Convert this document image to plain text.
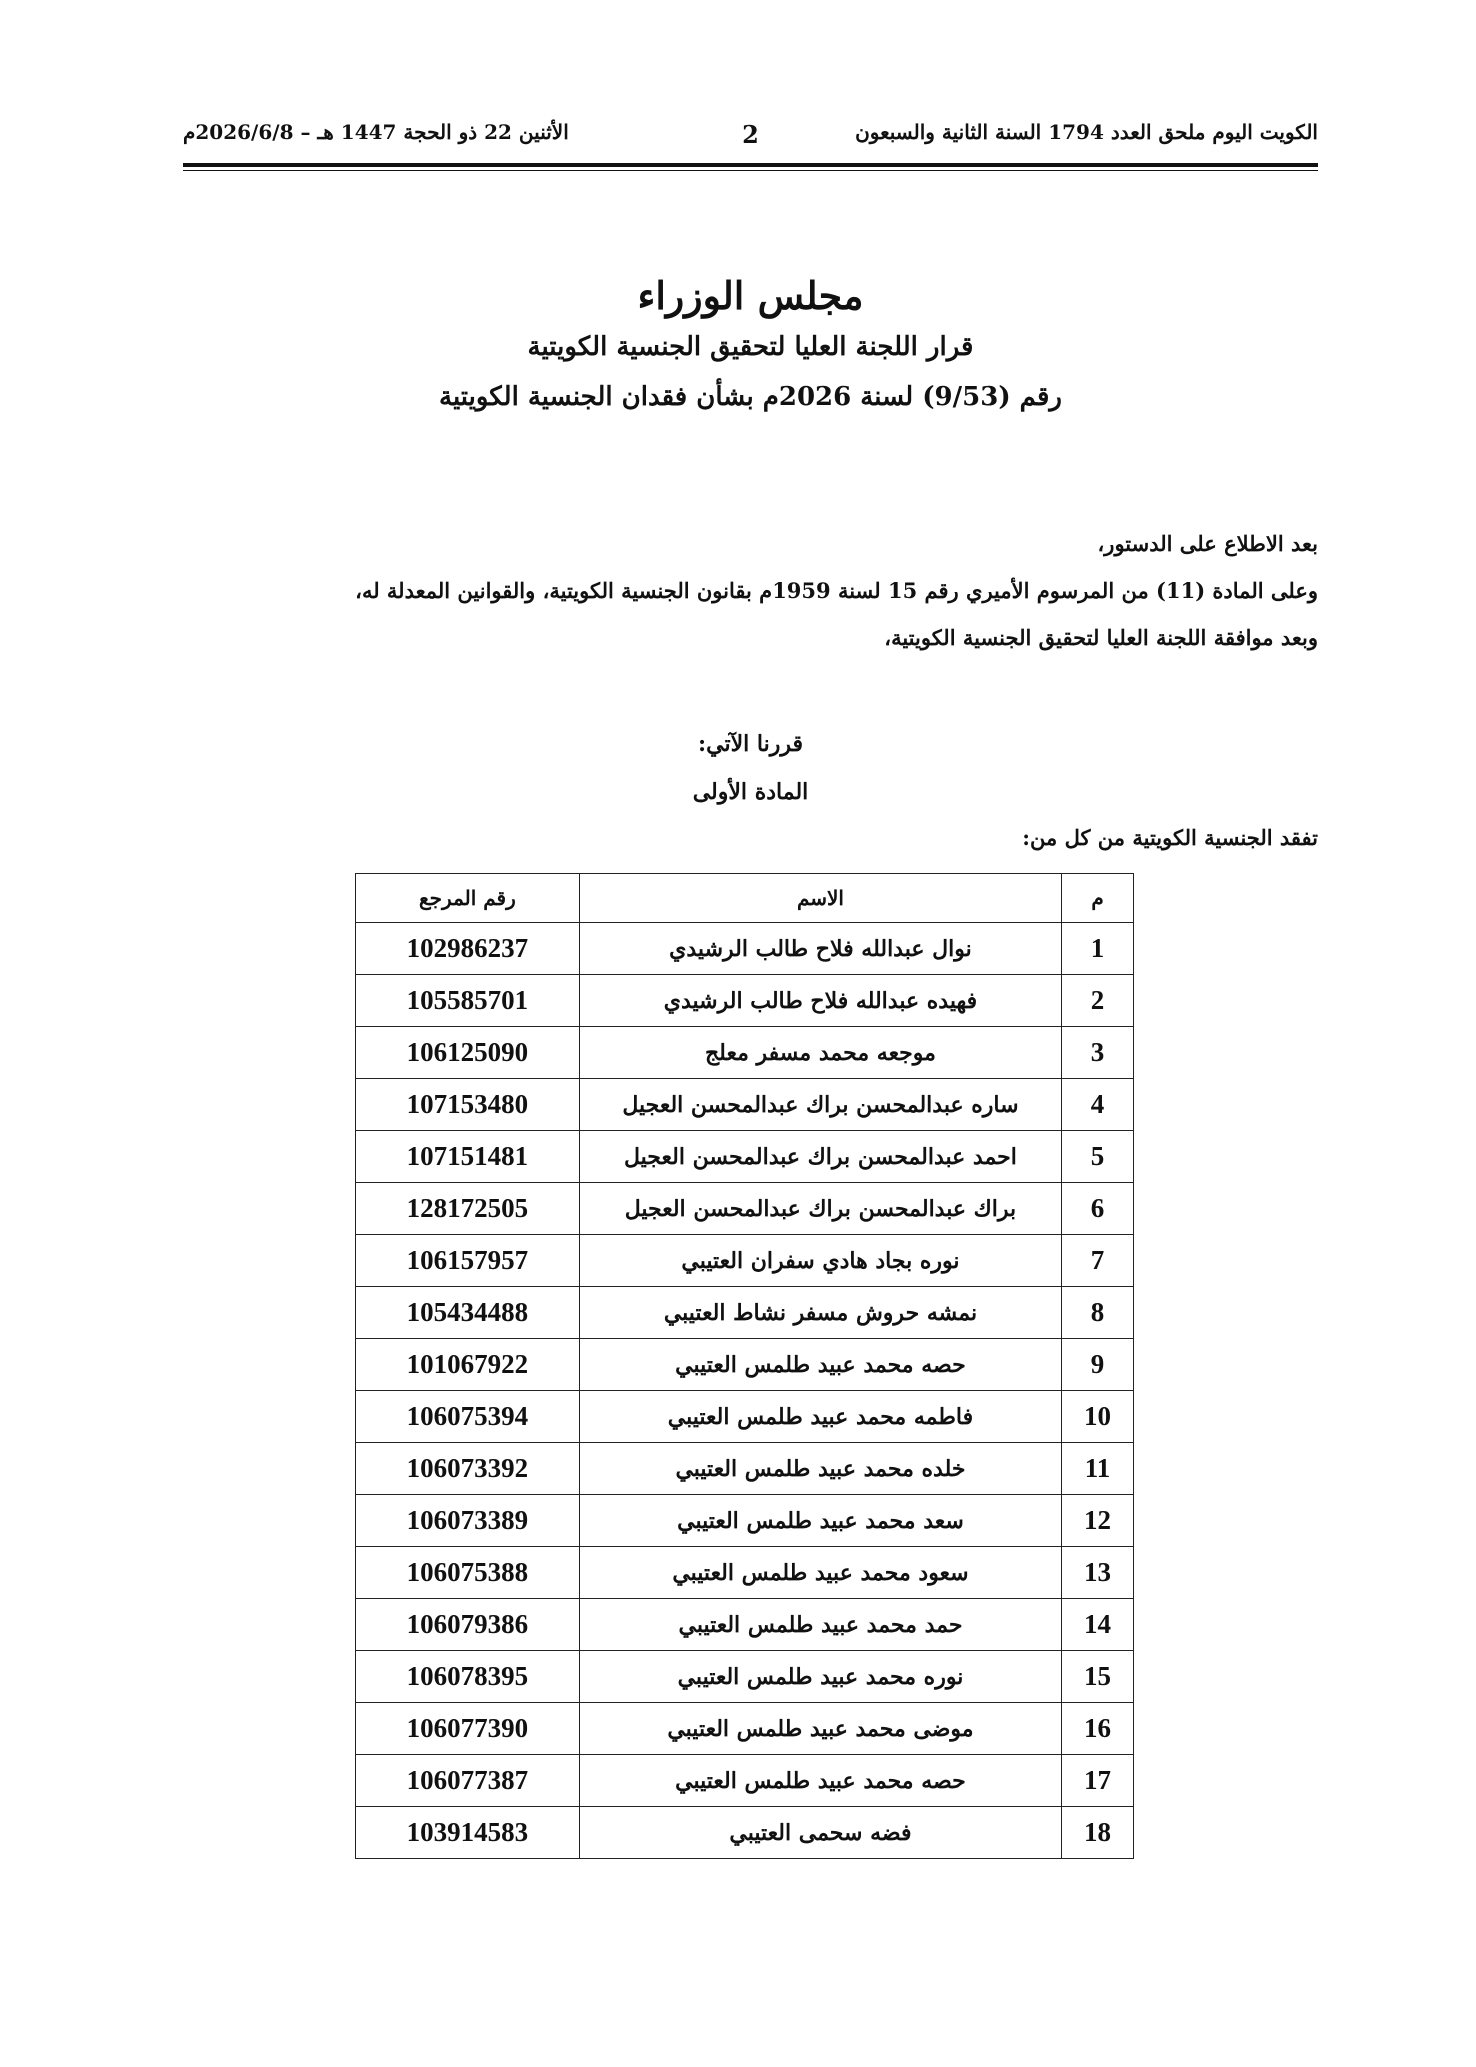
الكويت اليوم ملحق العدد 1794 السنة الثانية والسبعون
2
الأثنين 22 ذو الحجة 1447 هـ – 2026/6/8م
مجلس الوزراء
قرار اللجنة العليا لتحقيق الجنسية الكويتية
رقم (9/53) لسنة 2026م بشأن فقدان الجنسية الكويتية
بعد الاطلاع على الدستور،
وعلى المادة (11) من المرسوم الأميري رقم 15 لسنة 1959م بقانون الجنسية الكويتية، والقوانين المعدلة له،
وبعد موافقة اللجنة العليا لتحقيق الجنسية الكويتية،
قررنا الآتي:
المادة الأولى
تفقد الجنسية الكويتية من كل من:
م	الاسم	رقم المرجع
1	نوال عبدالله فلاح طالب الرشيدي	102986237
2	فهيده عبدالله فلاح طالب الرشيدي	105585701
3	موجعه محمد مسفر معلج	106125090
4	ساره عبدالمحسن براك عبدالمحسن العجيل	107153480
5	احمد عبدالمحسن براك عبدالمحسن العجيل	107151481
6	براك عبدالمحسن براك عبدالمحسن العجيل	128172505
7	نوره بجاد هادي سفران العتيبي	106157957
8	نمشه حروش مسفر نشاط العتيبي	105434488
9	حصه محمد عبيد طلمس العتيبي	101067922
10	فاطمه محمد عبيد طلمس العتيبي	106075394
11	خلده محمد عبيد طلمس العتيبي	106073392
12	سعد محمد عبيد طلمس العتيبي	106073389
13	سعود محمد عبيد طلمس العتيبي	106075388
14	حمد محمد عبيد طلمس العتيبي	106079386
15	نوره محمد عبيد طلمس العتيبي	106078395
16	موضى محمد عبيد طلمس العتيبي	106077390
17	حصه محمد عبيد طلمس العتيبي	106077387
18	فضه سحمى العتيبي	103914583
